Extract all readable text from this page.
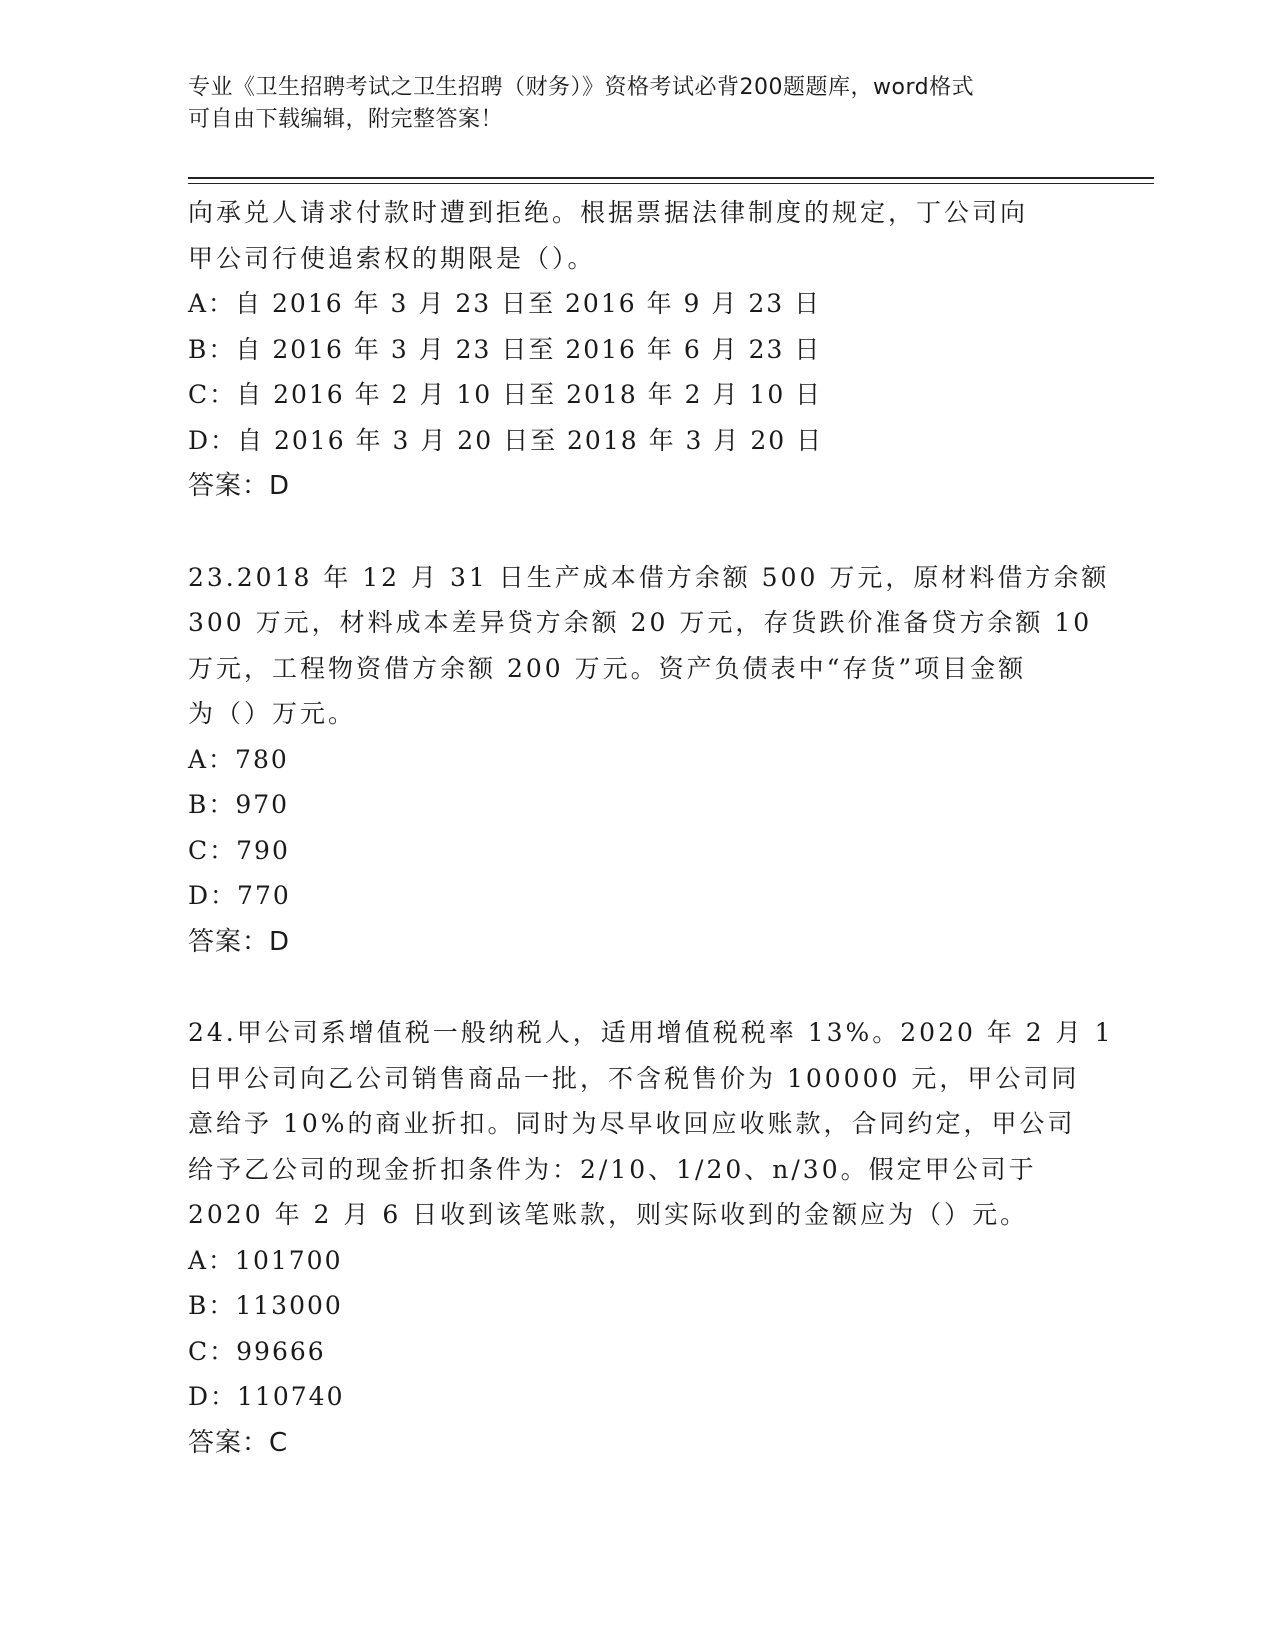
专业《卫生招聘考试之卫生招聘（财务）》资格考试必背200题题库，word格式
可自由下载编辑，附完整答案！
向承兑人请求付款时遭到拒绝。根据票据法律制度的规定，丁公司向
甲公司行使追索权的期限是（）。
A：自 2016 年 3 月 23 日至 2016 年 9 月 23 日
B：自 2016 年 3 月 23 日至 2016 年 6 月 23 日
C：自 2016 年 2 月 10 日至 2018 年 2 月 10 日
D：自 2016 年 3 月 20 日至 2018 年 3 月 20 日
答案：D
23.2018 年 12 月 31 日生产成本借方余额 500 万元，原材料借方余额
300 万元，材料成本差异贷方余额 20 万元，存货跌价准备贷方余额 10
万元，工程物资借方余额 200 万元。资产负债表中“存货”项目金额
为（）万元。
A：780
B：970
C：790
D：770
答案：D
24.甲公司系增值税一般纳税人，适用增值税税率 13%。2020 年 2 月 1
日甲公司向乙公司销售商品一批，不含税售价为 100000 元，甲公司同
意给予 10%的商业折扣。同时为尽早收回应收账款，合同约定，甲公司
给予乙公司的现金折扣条件为：2/10、1/20、n/30。假定甲公司于
2020 年 2 月 6 日收到该笔账款，则实际收到的金额应为（）元。
A：101700
B：113000
C：99666
D：110740
答案：C
